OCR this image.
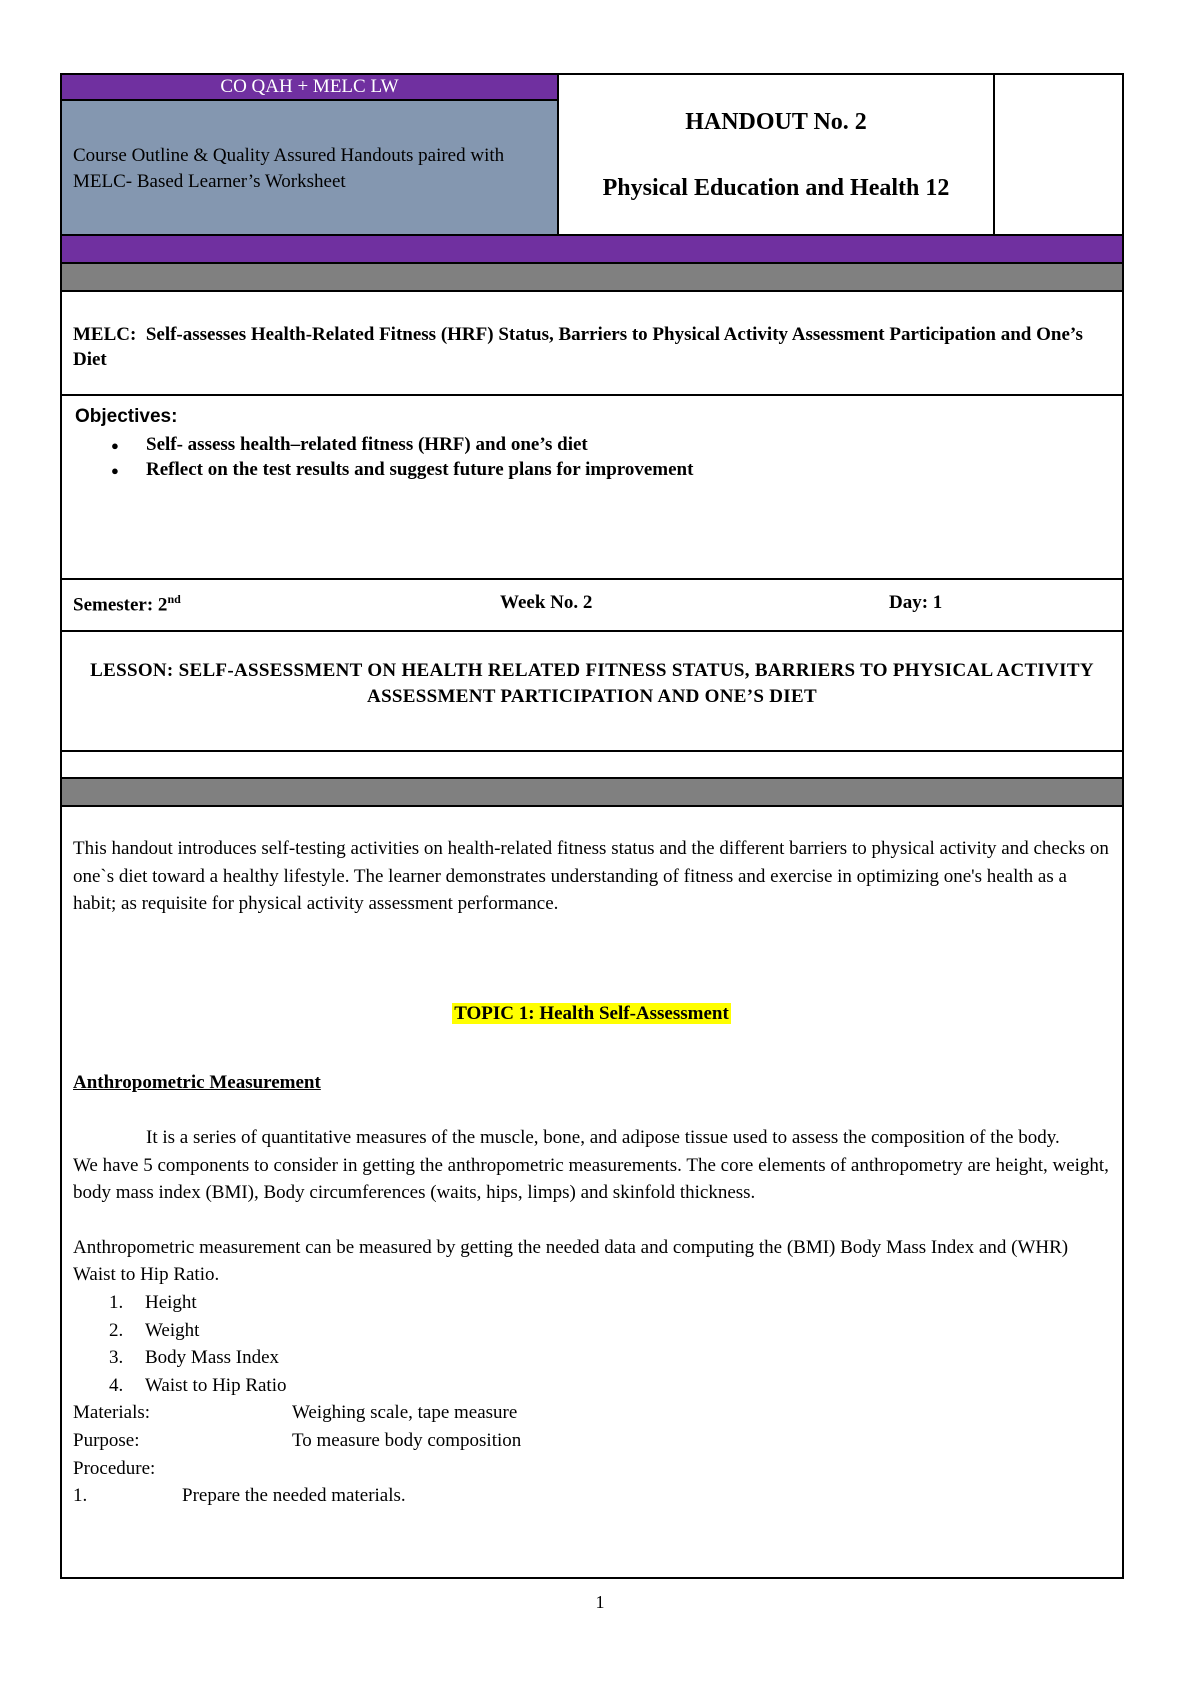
CO QAH + MELC LW
Course Outline & Quality Assured Handouts paired with MELC- Based Learner’s Worksheet
HANDOUT No. 2
Physical Education and Health 12
MELC: Self-assesses Health-Related Fitness (HRF) Status, Barriers to Physical Activity Assessment Participation and One’s Diet
Objectives:
● Self- assess health–related fitness (HRF) and one’s diet
● Reflect on the test results and suggest future plans for improvement
Semester: 2nd	Week No. 2	Day: 1
LESSON: SELF-ASSESSMENT ON HEALTH RELATED FITNESS STATUS, BARRIERS TO PHYSICAL ACTIVITY ASSESSMENT PARTICIPATION AND ONE’S DIET

This handout introduces self-testing activities on health-related fitness status and the different barriers to physical activity and checks on one`s diet toward a healthy lifestyle. The learner demonstrates understanding of fitness and exercise in optimizing one's health as a habit; as requisite for physical activity assessment performance.

TOPIC 1: Health Self-Assessment

Anthropometric Measurement

It is a series of quantitative measures of the muscle, bone, and adipose tissue used to assess the composition of the body.

We have 5 components to consider in getting the anthropometric measurements. The core elements of anthropometry are height, weight, body mass index (BMI), Body circumferences (waits, hips, limps) and skinfold thickness.

Anthropometric measurement can be measured by getting the needed data and computing the (BMI) Body Mass Index and (WHR) Waist to Hip Ratio.

1. Height
2. Weight
3. Body Mass Index
4. Waist to Hip Ratio
Materials:	Weighing scale, tape measure
Purpose:	To measure body composition
Procedure:
1.	Prepare the needed materials.
1
